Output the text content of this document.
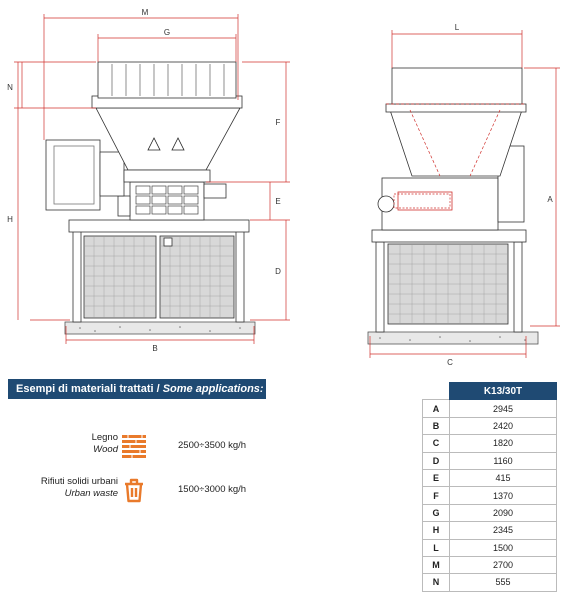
M
G
N
F
H
E
D
B
L
A
C
Esempi di materiali trattati / Some applications:
Legno
Wood	2500÷3500 kg/h
Rifiuti solidi urbani
Urban waste	1500÷3000 kg/h
	K13/30T
A	2945
B	2420
C	1820
D	1160
E	415
F	1370
G	2090
H	2345
L	1500
M	2700
N	555
